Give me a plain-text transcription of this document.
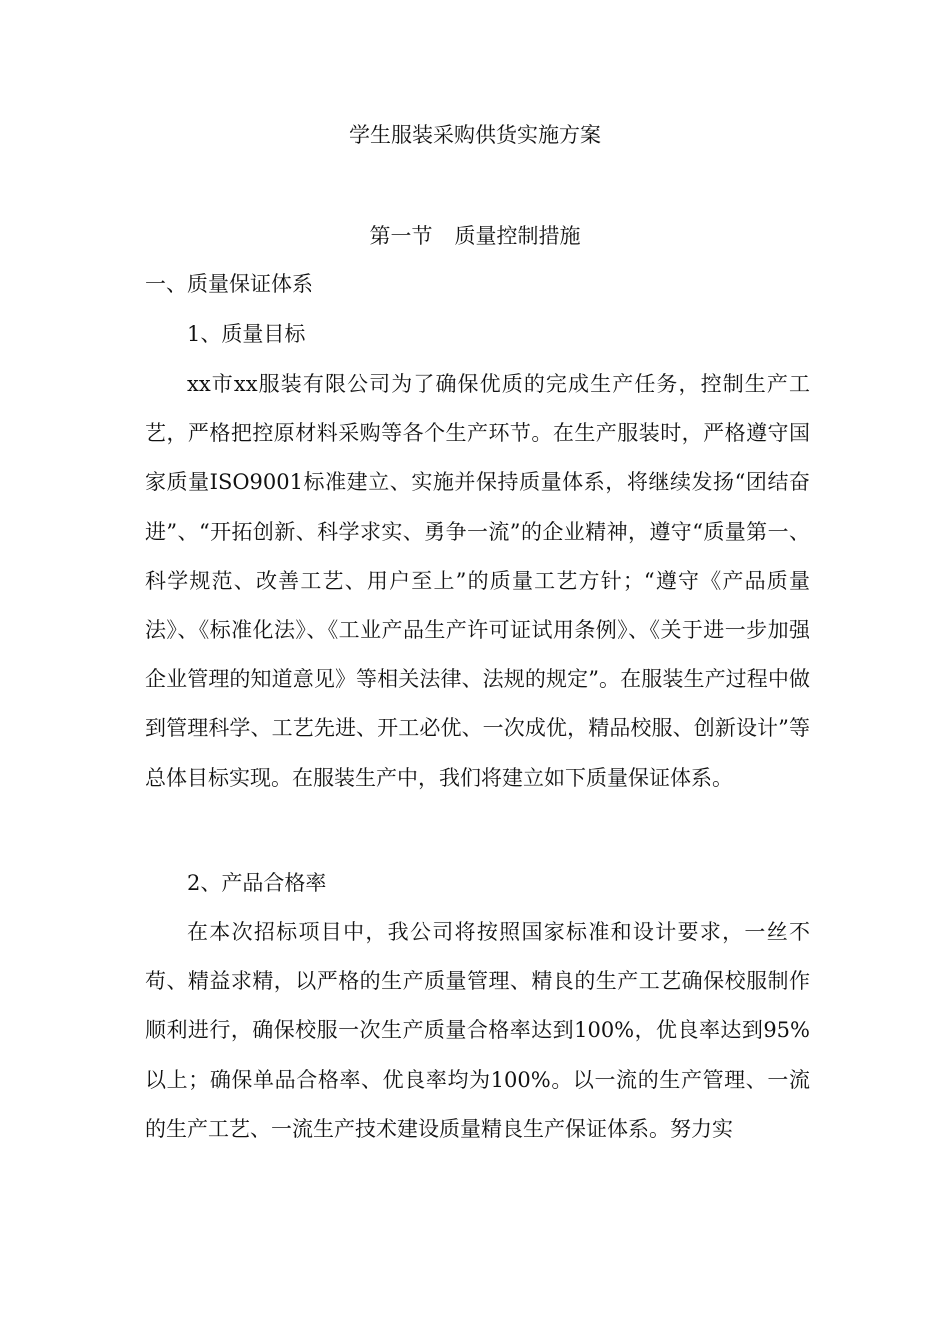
学生服装采购供货实施方案
第一节 质量控制措施

一、质量保证体系

1、质量目标

xx市xx服装有限公司为了确保优质的完成生产任务，控制生产工艺，严格把控原材料采购等各个生产环节。在生产服装时，严格遵守国家质量ISO9001标准建立、实施并保持质量体系，将继续发扬“团结奋进”、“开拓创新、科学求实、勇争一流”的企业精神，遵守“质量第一、科学规范、改善工艺、用户至上”的质量工艺方针；“遵守《产品质量法》、《标准化法》、《工业产品生产许可证试用条例》、《关于进一步加强企业管理的知道意见》等相关法律、法规的规定”。在服装生产过程中做到管理科学、工艺先进、开工必优、一次成优，精品校服、创新设计”等总体目标实现。在服装生产中，我们将建立如下质量保证体系。

2、产品合格率

在本次招标项目中，我公司将按照国家标准和设计要求，一丝不苟、精益求精，以严格的生产质量管理、精良的生产工艺确保校服制作顺利进行，确保校服一次生产质量合格率达到100%，优良率达到95%以上；确保单品合格率、优良率均为100%。以一流的生产管理、一流的生产工艺、一流生产技术建设质量精良生产保证体系。努力实
